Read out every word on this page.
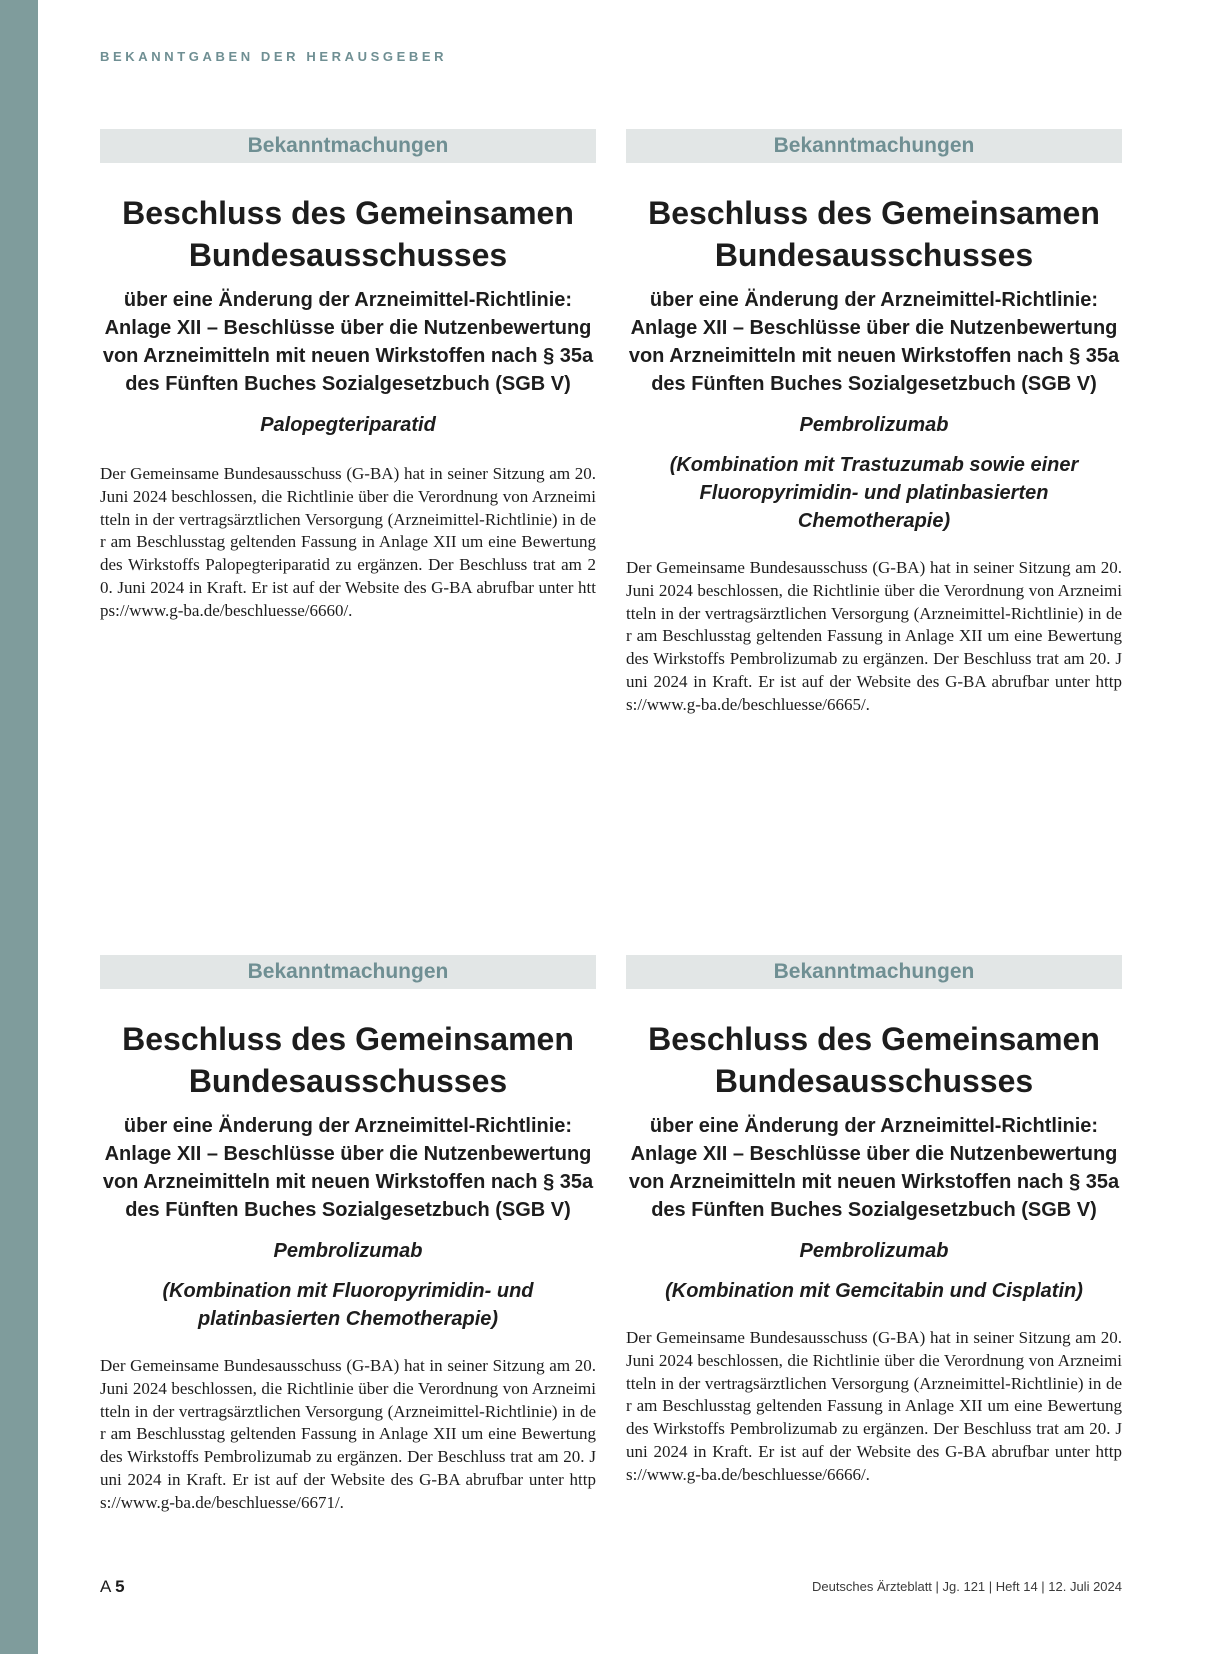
BEKANNTGABEN DER HERAUSGEBER
Bekanntmachungen
Beschluss des Gemeinsamen Bundesausschusses
über eine Änderung der Arzneimittel-Richtlinie: Anlage XII – Beschlüsse über die Nutzenbewertung von Arzneimitteln mit neuen Wirkstoffen nach § 35a des Fünften Buches Sozialgesetzbuch (SGB V)
Palopegteriparatid
Der Gemeinsame Bundesausschuss (G-BA) hat in seiner Sitzung am 20. Juni 2024 beschlossen, die Richtlinie über die Verordnung von Arzneimitteln in der vertragsärztlichen Versorgung (Arzneimittel-Richtlinie) in der am Beschlusstag geltenden Fassung in Anlage XII um eine Bewertung des Wirkstoffs Palopegteriparatid zu ergänzen. Der Beschluss trat am 20. Juni 2024 in Kraft. Er ist auf der Website des G-BA abrufbar unter https://www.g-ba.de/beschluesse/6660/.
Bekanntmachungen
Beschluss des Gemeinsamen Bundesausschusses
über eine Änderung der Arzneimittel-Richtlinie: Anlage XII – Beschlüsse über die Nutzenbewertung von Arzneimitteln mit neuen Wirkstoffen nach § 35a des Fünften Buches Sozialgesetzbuch (SGB V)
Pembrolizumab
(Kombination mit Trastuzumab sowie einer Fluoropyrimidin- und platinbasierten Chemotherapie)
Der Gemeinsame Bundesausschuss (G-BA) hat in seiner Sitzung am 20. Juni 2024 beschlossen, die Richtlinie über die Verordnung von Arzneimitteln in der vertragsärztlichen Versorgung (Arzneimittel-Richtlinie) in der am Beschlusstag geltenden Fassung in Anlage XII um eine Bewertung des Wirkstoffs Pembrolizumab zu ergänzen. Der Beschluss trat am 20. Juni 2024 in Kraft. Er ist auf der Website des G-BA abrufbar unter https://www.g-ba.de/beschluesse/6665/.
Bekanntmachungen
Beschluss des Gemeinsamen Bundesausschusses
über eine Änderung der Arzneimittel-Richtlinie: Anlage XII – Beschlüsse über die Nutzenbewertung von Arzneimitteln mit neuen Wirkstoffen nach § 35a des Fünften Buches Sozialgesetzbuch (SGB V)
Pembrolizumab
(Kombination mit Fluoropyrimidin- und platinbasierten Chemotherapie)
Der Gemeinsame Bundesausschuss (G-BA) hat in seiner Sitzung am 20. Juni 2024 beschlossen, die Richtlinie über die Verordnung von Arzneimitteln in der vertragsärztlichen Versorgung (Arzneimittel-Richtlinie) in der am Beschlusstag geltenden Fassung in Anlage XII um eine Bewertung des Wirkstoffs Pembrolizumab zu ergänzen. Der Beschluss trat am 20. Juni 2024 in Kraft. Er ist auf der Website des G-BA abrufbar unter https://www.g-ba.de/beschluesse/6671/.
Bekanntmachungen
Beschluss des Gemeinsamen Bundesausschusses
über eine Änderung der Arzneimittel-Richtlinie: Anlage XII – Beschlüsse über die Nutzenbewertung von Arzneimitteln mit neuen Wirkstoffen nach § 35a des Fünften Buches Sozialgesetzbuch (SGB V)
Pembrolizumab
(Kombination mit Gemcitabin und Cisplatin)
Der Gemeinsame Bundesausschuss (G-BA) hat in seiner Sitzung am 20. Juni 2024 beschlossen, die Richtlinie über die Verordnung von Arzneimitteln in der vertragsärztlichen Versorgung (Arzneimittel-Richtlinie) in der am Beschlusstag geltenden Fassung in Anlage XII um eine Bewertung des Wirkstoffs Pembrolizumab zu ergänzen. Der Beschluss trat am 20. Juni 2024 in Kraft. Er ist auf der Website des G-BA abrufbar unter https://www.g-ba.de/beschluesse/6666/.
A 5	Deutsches Ärzteblatt | Jg. 121 | Heft 14 | 12. Juli 2024
